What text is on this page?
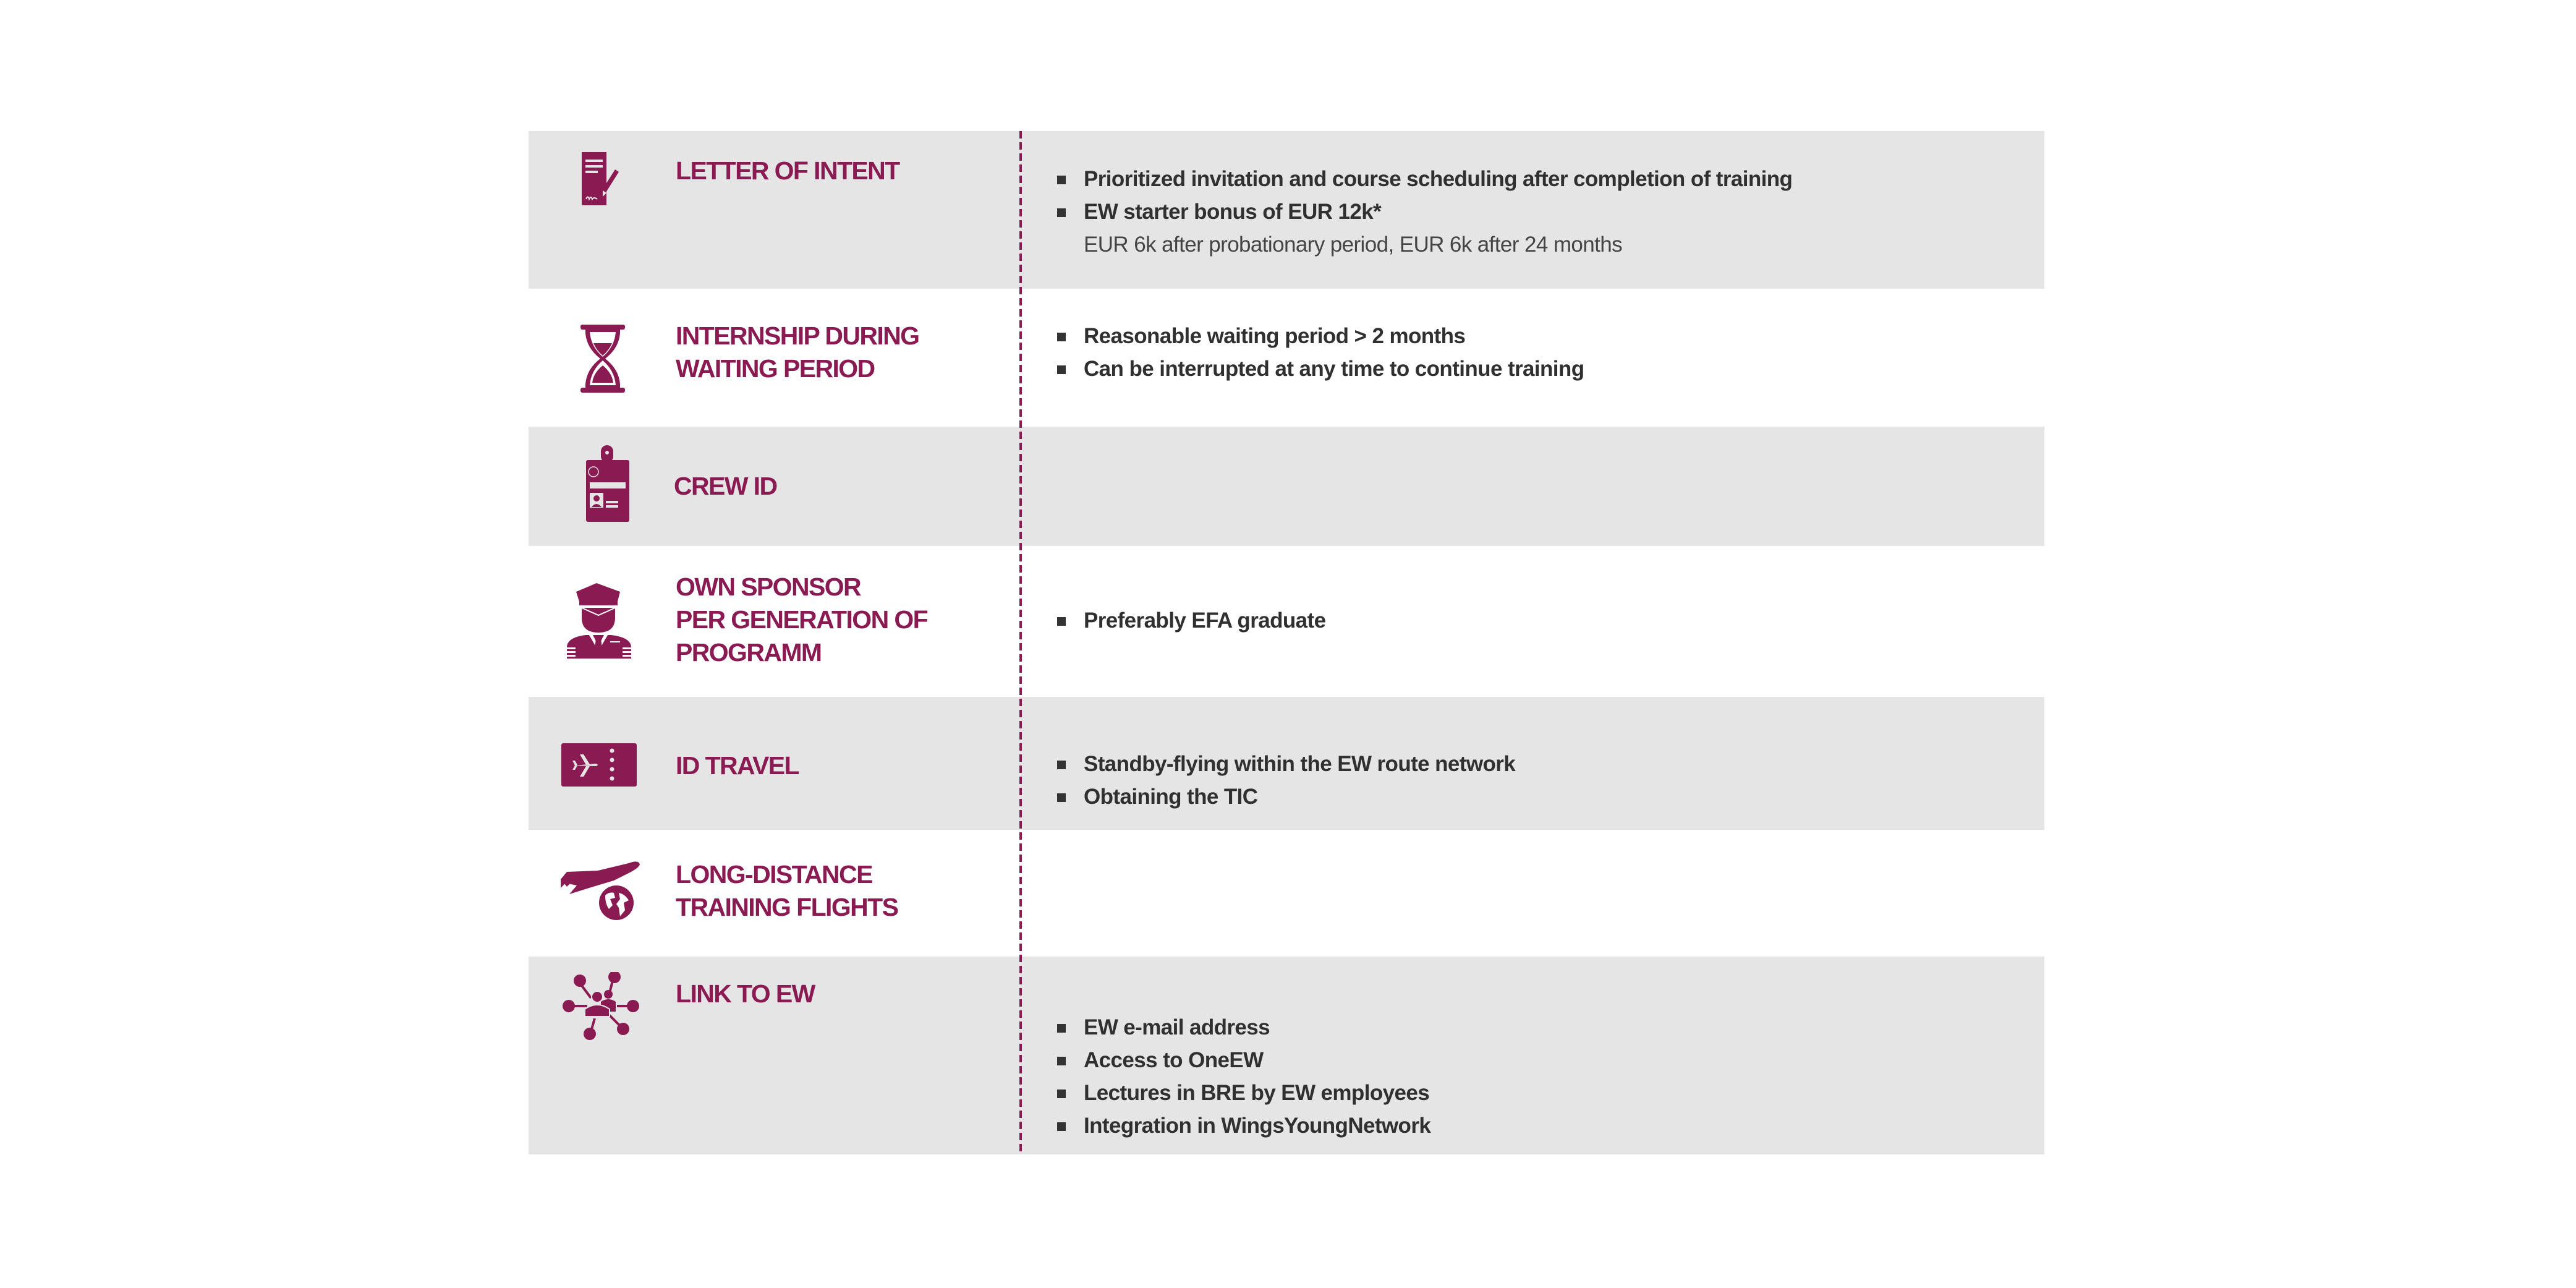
LETTER OF INTENT	Prioritized invitation and course scheduling after completion of training
EW starter bonus of EUR 12k*
EUR 6k after probationary period, EUR 6k after 24 months
INTERNSHIP DURING
WAITING PERIOD
Reasonable waiting period > 2 months
Can be interrupted at any time to continue training
CREW ID
OWN SPONSOR
PER GENERATION OF
PROGRAMM
Preferably EFA graduate
ID TRAVEL	Standby-flying within the EW route network
Obtaining the TIC
LONG-DISTANCE
TRAINING FLIGHTS
LINK TO EW
EW e-mail address
Access to OneEW
Lectures in BRE by EW employees
Integration in WingsYoungNetwork
